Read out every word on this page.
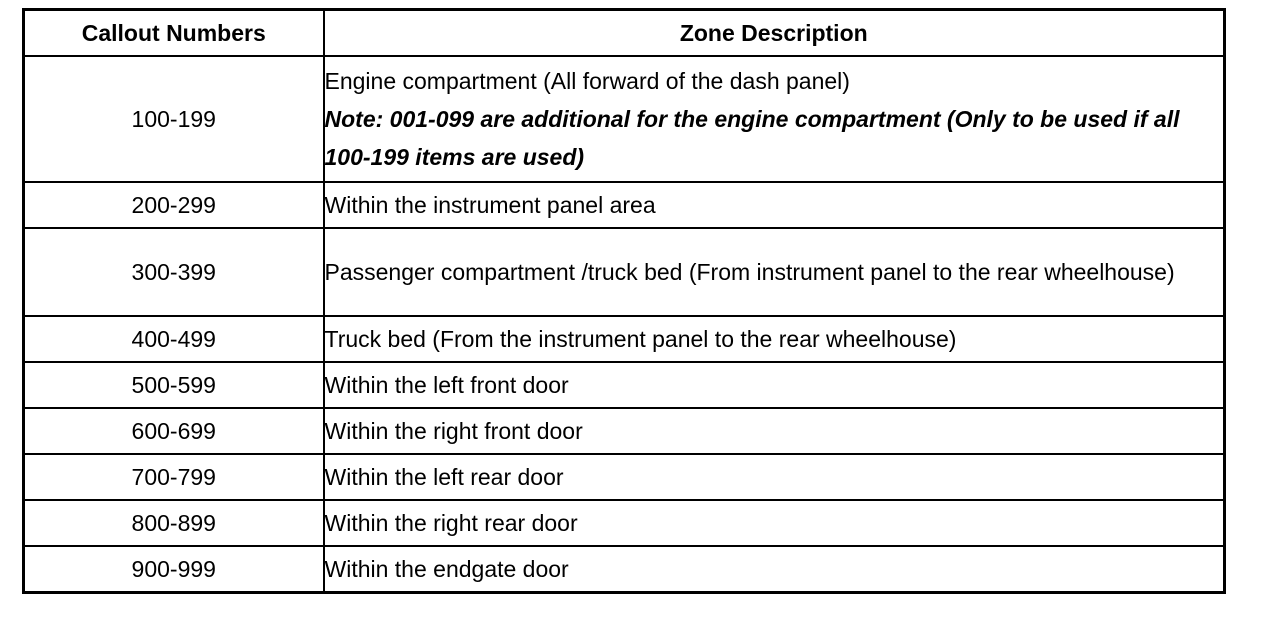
Callout Numbers	Zone Description
100-199	Engine compartment (All forward of the dash panel)
Note: 001-099 are additional for the engine compartment (Only to be used if all 100-199 items are used)

200-299	Within the instrument panel area
300-399	Passenger compartment /truck bed (From instrument panel to the rear wheelhouse)
400-499	Truck bed (From the instrument panel to the rear wheelhouse)
500-599	Within the left front door
600-699	Within the right front door
700-799	Within the left rear door
800-899	Within the right rear door
900-999	Within the endgate door
